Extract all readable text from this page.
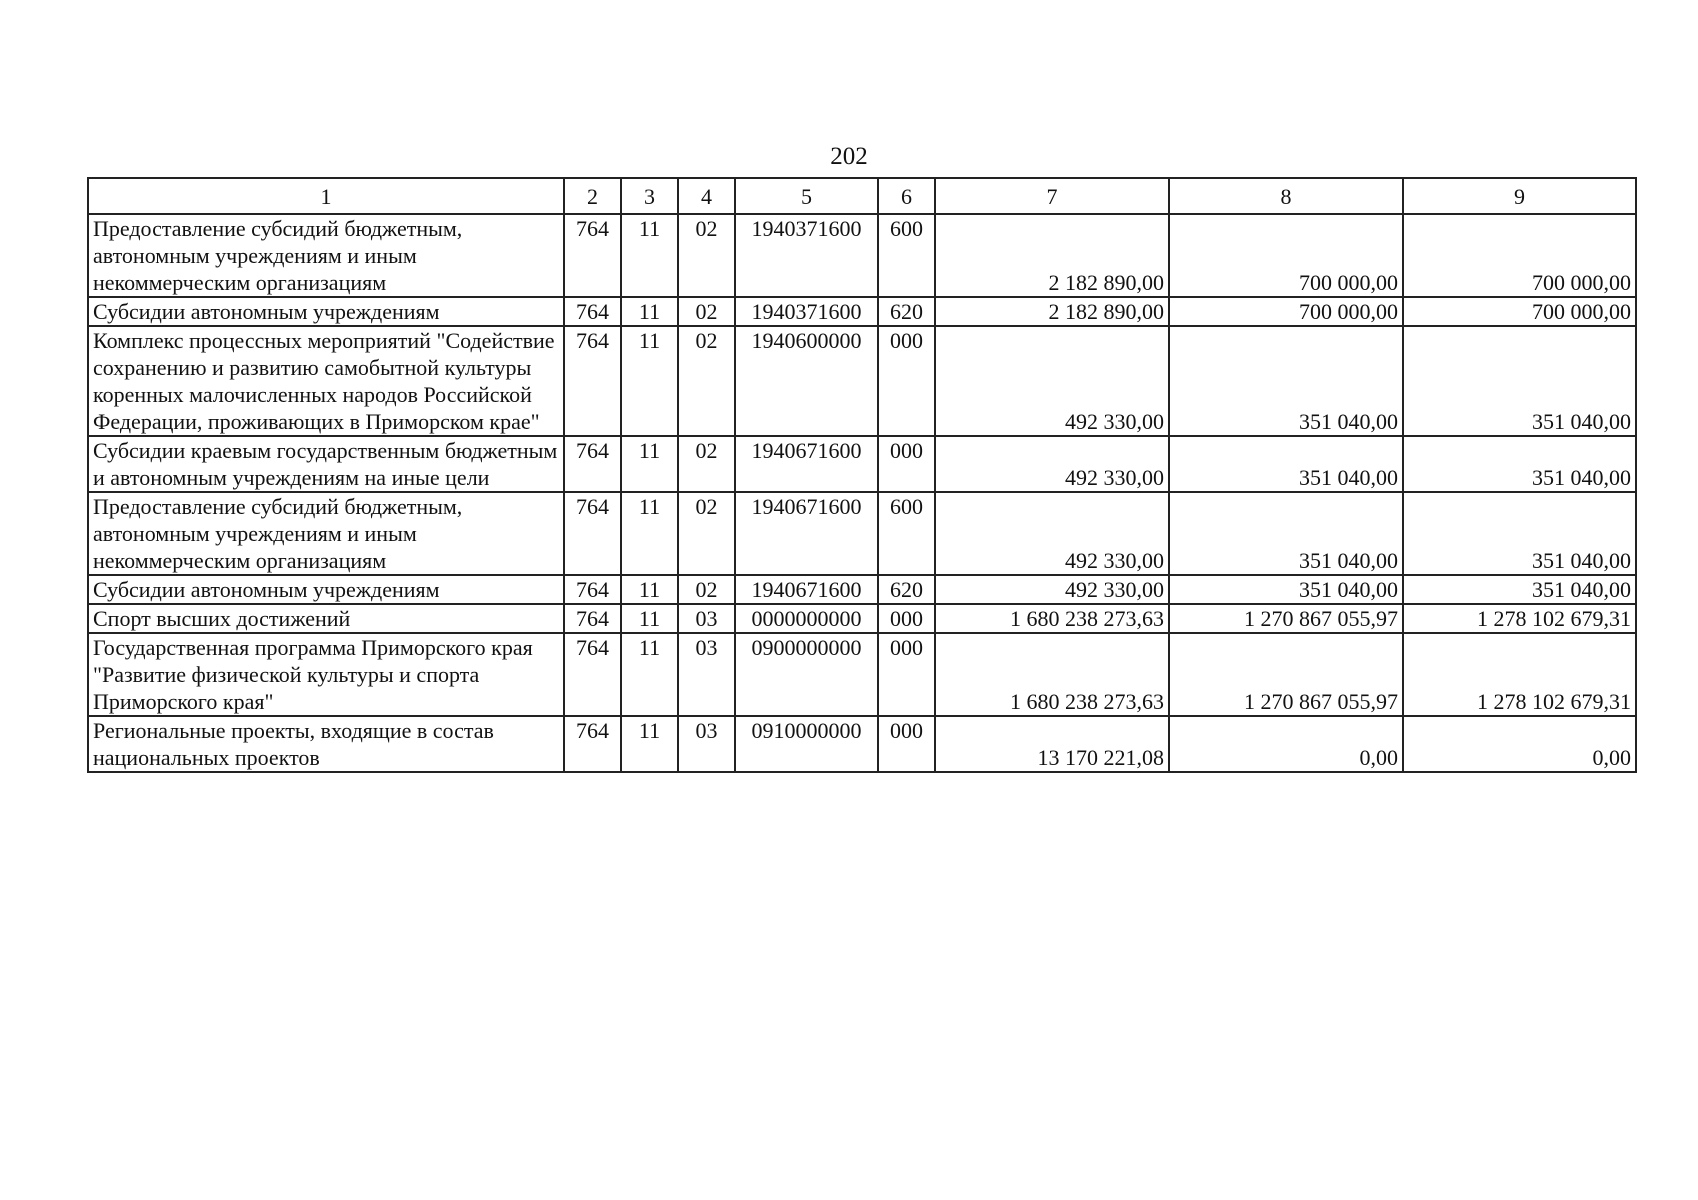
202
1	2	3	4	5	6	7	8	9
Предоставление субсидий бюджетным, автономным учреждениям и иным некоммерческим организациям	764	11	02	1940371600	600	2 182 890,00	700 000,00	700 000,00
Субсидии автономным учреждениям	764	11	02	1940371600	620	2 182 890,00	700 000,00	700 000,00
Комплекс процессных мероприятий "Содействие сохранению и развитию самобытной культуры коренных малочисленных народов Российской Федерации, проживающих в Приморском крае"	764	11	02	1940600000	000	492 330,00	351 040,00	351 040,00
Субсидии краевым государственным бюджетным и автономным учреждениям на иные цели	764	11	02	1940671600	000	492 330,00	351 040,00	351 040,00
Предоставление субсидий бюджетным, автономным учреждениям и иным некоммерческим организациям	764	11	02	1940671600	600	492 330,00	351 040,00	351 040,00
Субсидии автономным учреждениям	764	11	02	1940671600	620	492 330,00	351 040,00	351 040,00
Спорт высших достижений	764	11	03	0000000000	000	1 680 238 273,63	1 270 867 055,97	1 278 102 679,31
Государственная программа Приморского края "Развитие физической культуры и спорта Приморского края"	764	11	03	0900000000	000	1 680 238 273,63	1 270 867 055,97	1 278 102 679,31
Региональные проекты, входящие в состав национальных проектов	764	11	03	0910000000	000	13 170 221,08	0,00	0,00
